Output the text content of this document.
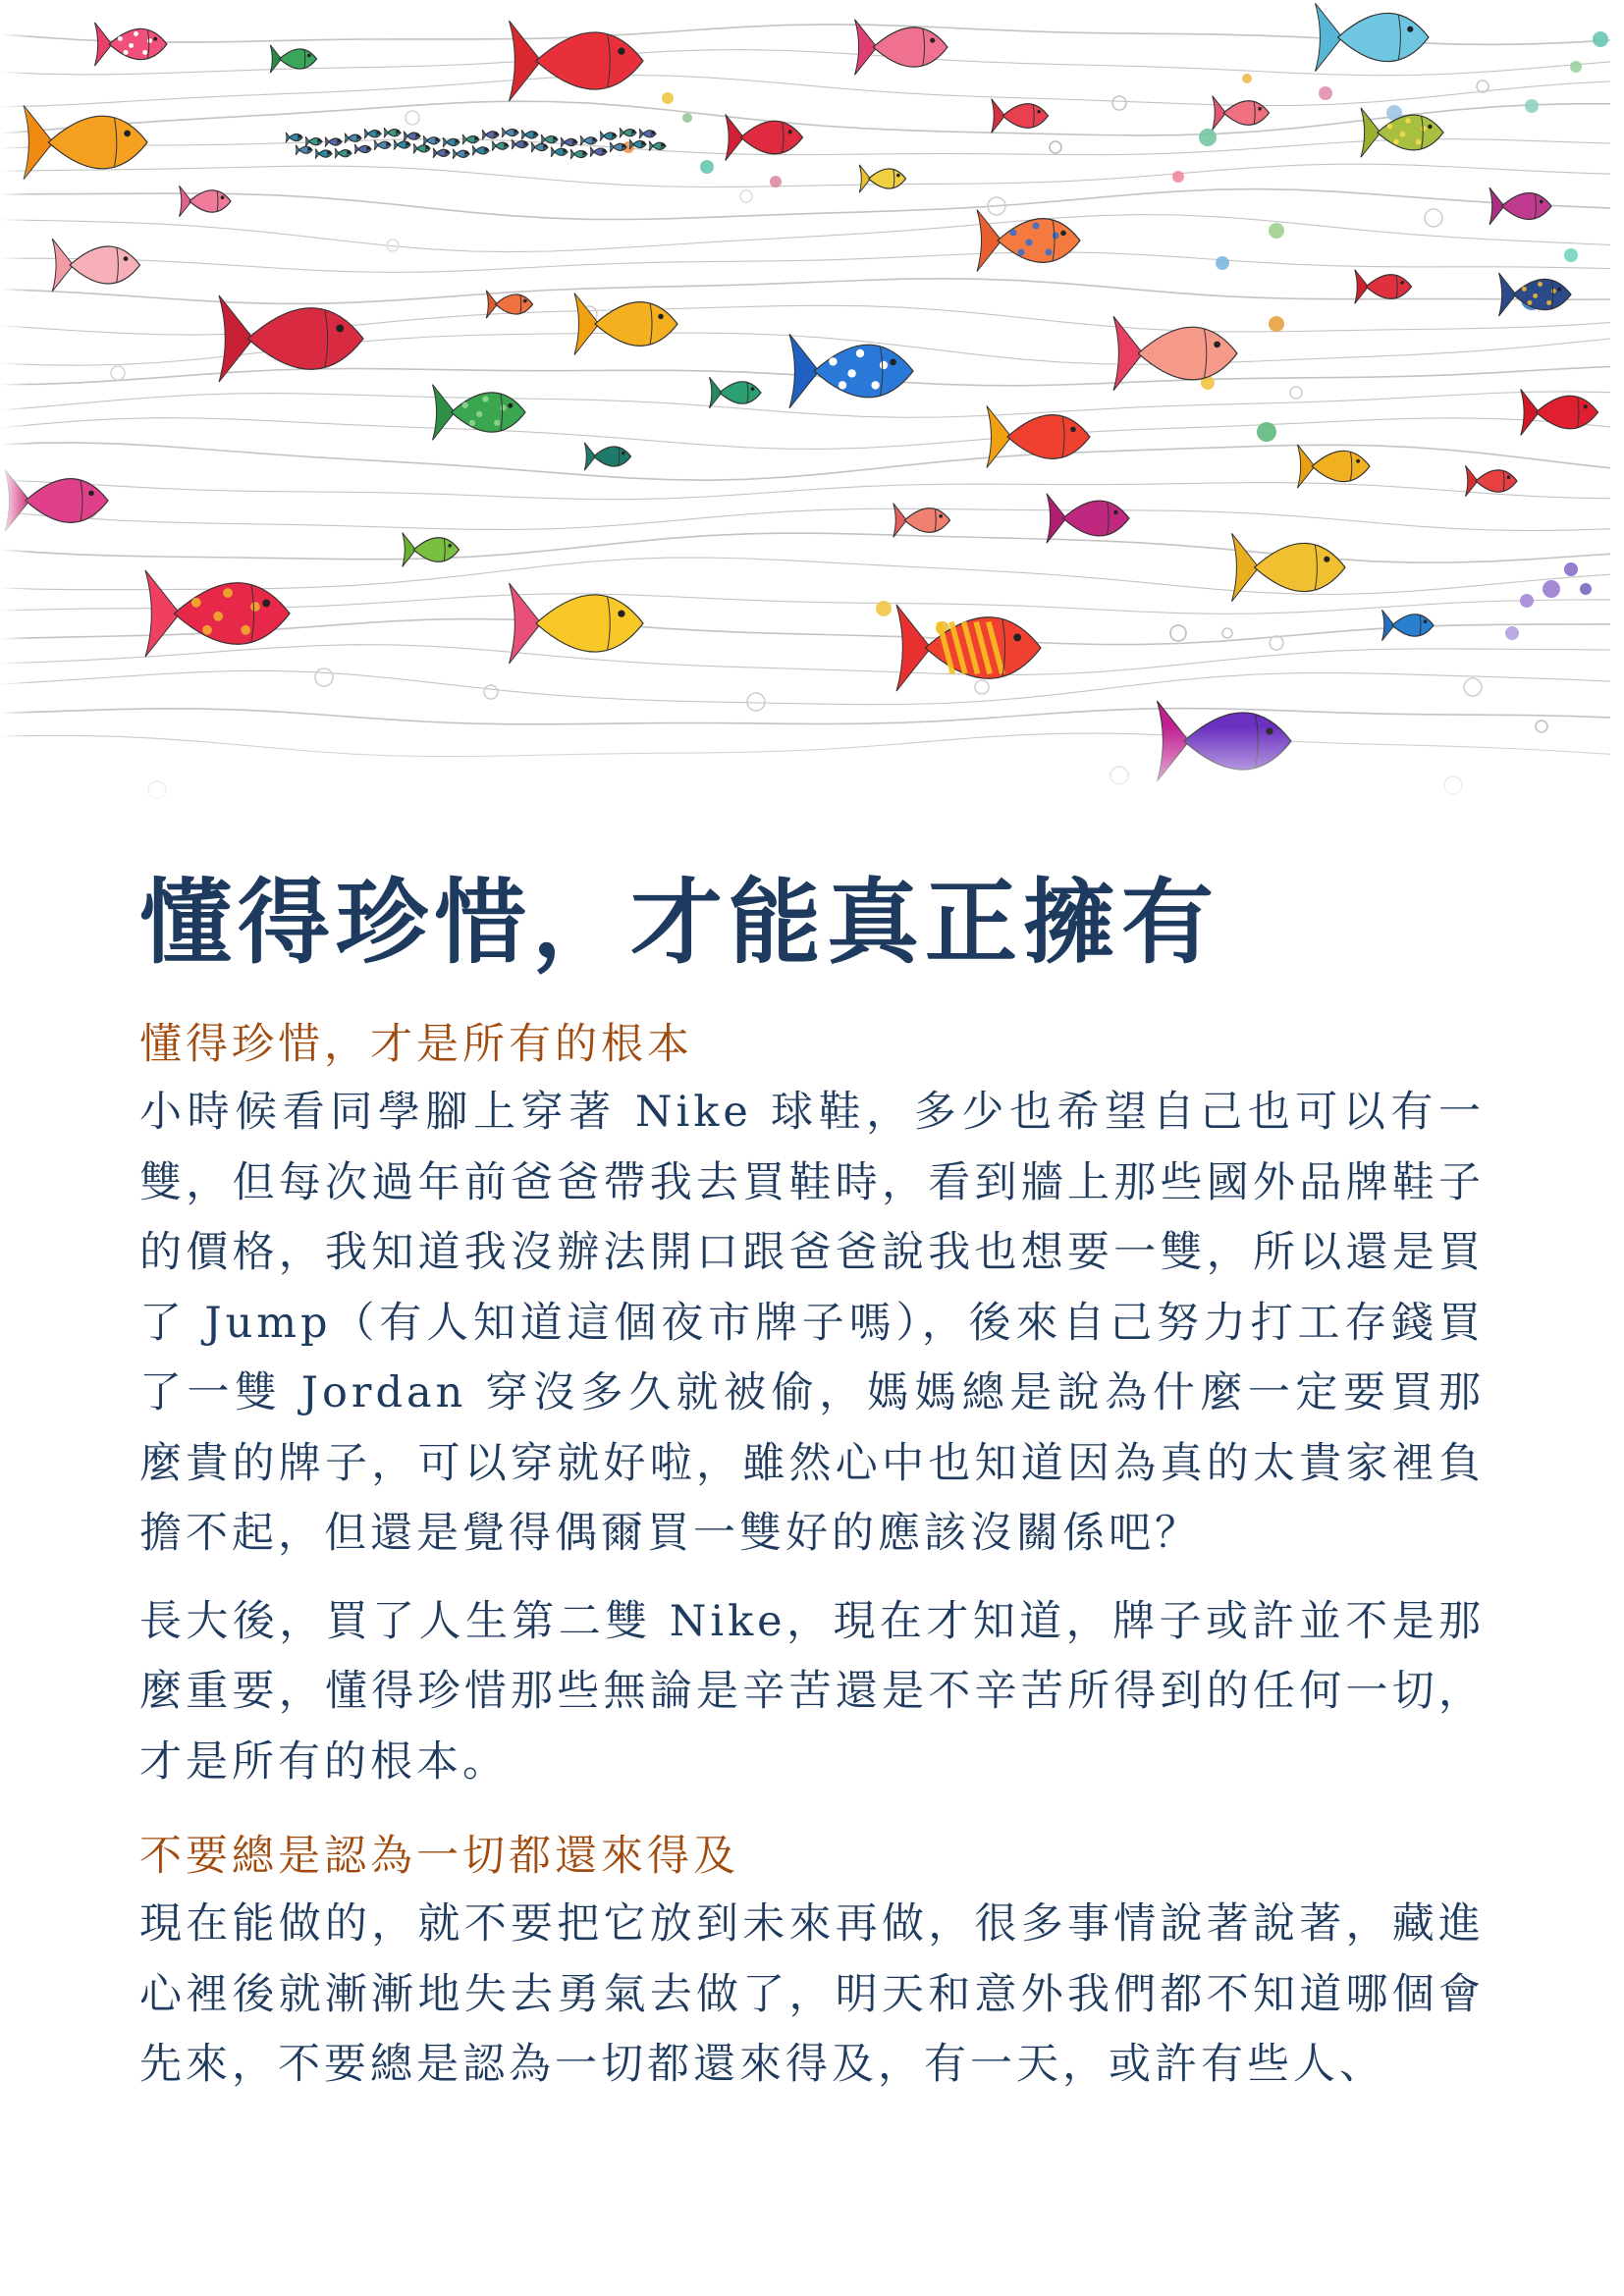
懂得珍惜，才能真正擁有
懂得珍惜，才是所有的根本

小時候看同學腳上穿著 Nike 球鞋，多少也希望自己也可以有一雙，但每次過年前爸爸帶我去買鞋時，看到牆上那些國外品牌鞋子的價格，我知道我沒辦法開口跟爸爸說我也想要一雙，所以還是買了 Jump（有人知道這個夜市牌子嗎），後來自己努力打工存錢買了一雙 Jordan 穿沒多久就被偷，媽媽總是說為什麼一定要買那麼貴的牌子，可以穿就好啦，雖然心中也知道因為真的太貴家裡負擔不起，但還是覺得偶爾買一雙好的應該沒關係吧？

長大後，買了人生第二雙 Nike，現在才知道，牌子或許並不是那麼重要，懂得珍惜那些無論是辛苦還是不辛苦所得到的任何一切，才是所有的根本。

不要總是認為一切都還來得及

現在能做的，就不要把它放到未來再做，很多事情說著說著，藏進心裡後就漸漸地失去勇氣去做了，明天和意外我們都不知道哪個會先來，不要總是認為一切都還來得及，有一天，或許有些人、
